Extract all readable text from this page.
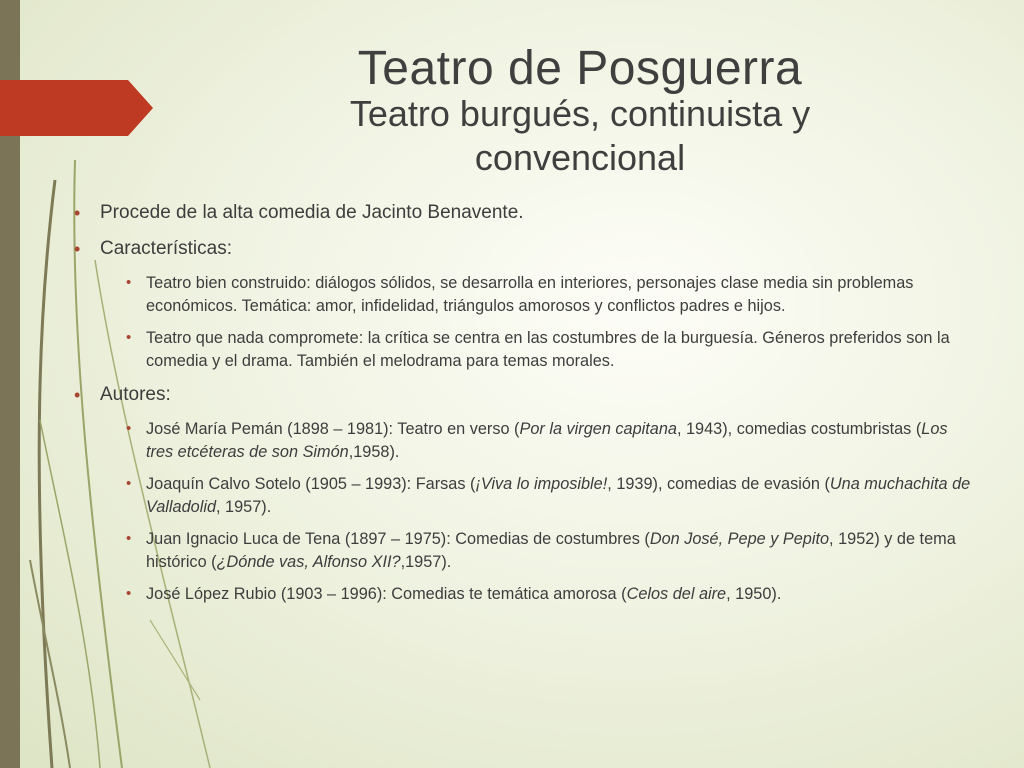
Teatro de Posguerra
Teatro burgués, continuista y convencional
• Procede de la alta comedia de Jacinto Benavente.
• Características:
• Teatro bien construido: diálogos sólidos, se desarrolla en interiores, personajes clase media sin problemas económicos. Temática: amor, infidelidad, triángulos amorosos y conflictos padres e hijos.
• Teatro que nada compromete: la crítica se centra en las costumbres de la burguesía. Géneros preferidos son la comedia y el drama. También el melodrama para temas morales.
• Autores:
• José María Pemán (1898 – 1981): Teatro en verso (Por la virgen capitana, 1943), comedias costumbristas (Los tres etcéteras de son Simón,1958).
• Joaquín Calvo Sotelo (1905 – 1993): Farsas (¡Viva lo imposible!, 1939), comedias de evasión (Una muchachita de Valladolid, 1957).
• Juan Ignacio Luca de Tena (1897 – 1975): Comedias de costumbres (Don José, Pepe y Pepito, 1952) y de tema histórico (¿Dónde vas, Alfonso XII?,1957).
• José López Rubio (1903 – 1996): Comedias te temática amorosa (Celos del aire, 1950).
